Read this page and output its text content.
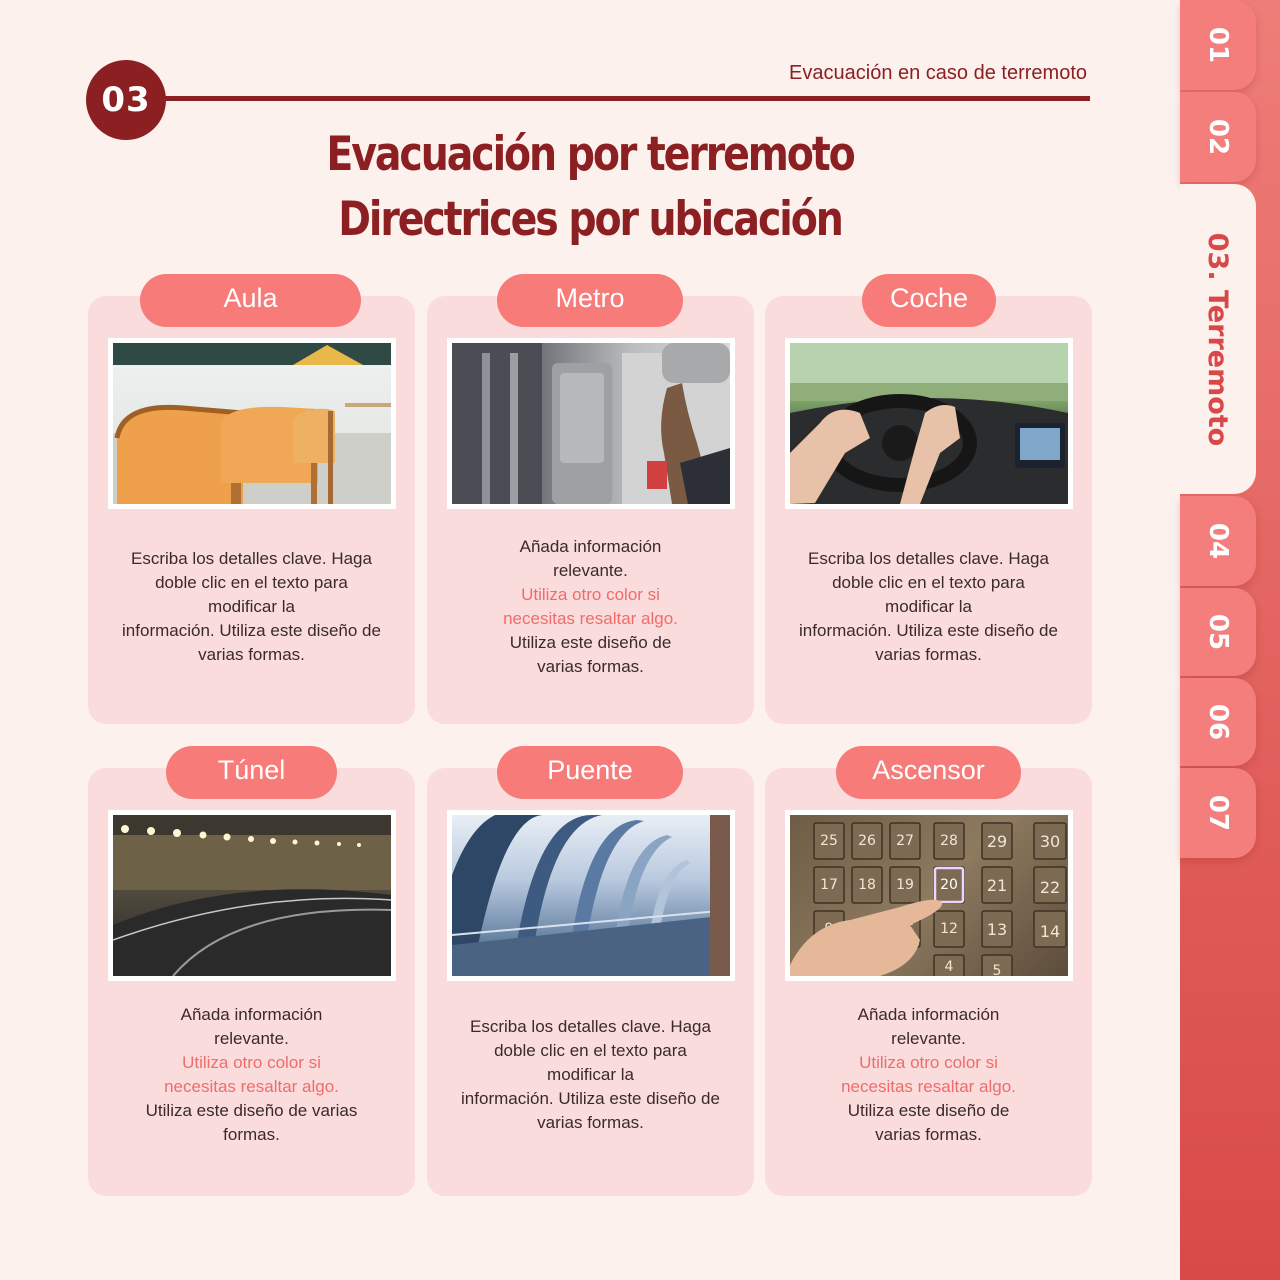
03
Evacuación en caso de terremoto
Evacuación por terremoto
Directrices por ubicación
Aula
Escriba los detalles clave. Haga
doble clic en el texto para
modificar la
información. Utiliza este diseño de
varias formas.
Metro
Añada información
relevante.
Utiliza otro color si
necesitas resaltar algo.
Utiliza este diseño de
varias formas.
Coche
Escriba los detalles clave. Haga
doble clic en el texto para
modificar la
información. Utiliza este diseño de
varias formas.
Túnel
Añada información
relevante.
Utiliza otro color si
necesitas resaltar algo.
Utiliza este diseño de varias
formas.
Puente
Escriba los detalles clave. Haga
doble clic en el texto para
modificar la
información. Utiliza este diseño de
varias formas.
Ascensor
25 26 27 28 29 30
17 18 19 20 21 22
12 13 14
4	5
Añada información
relevante.
Utiliza otro color si
necesitas resaltar algo.
Utiliza este diseño de
varias formas.
01
02
03. Terremoto
04
05
06
07
